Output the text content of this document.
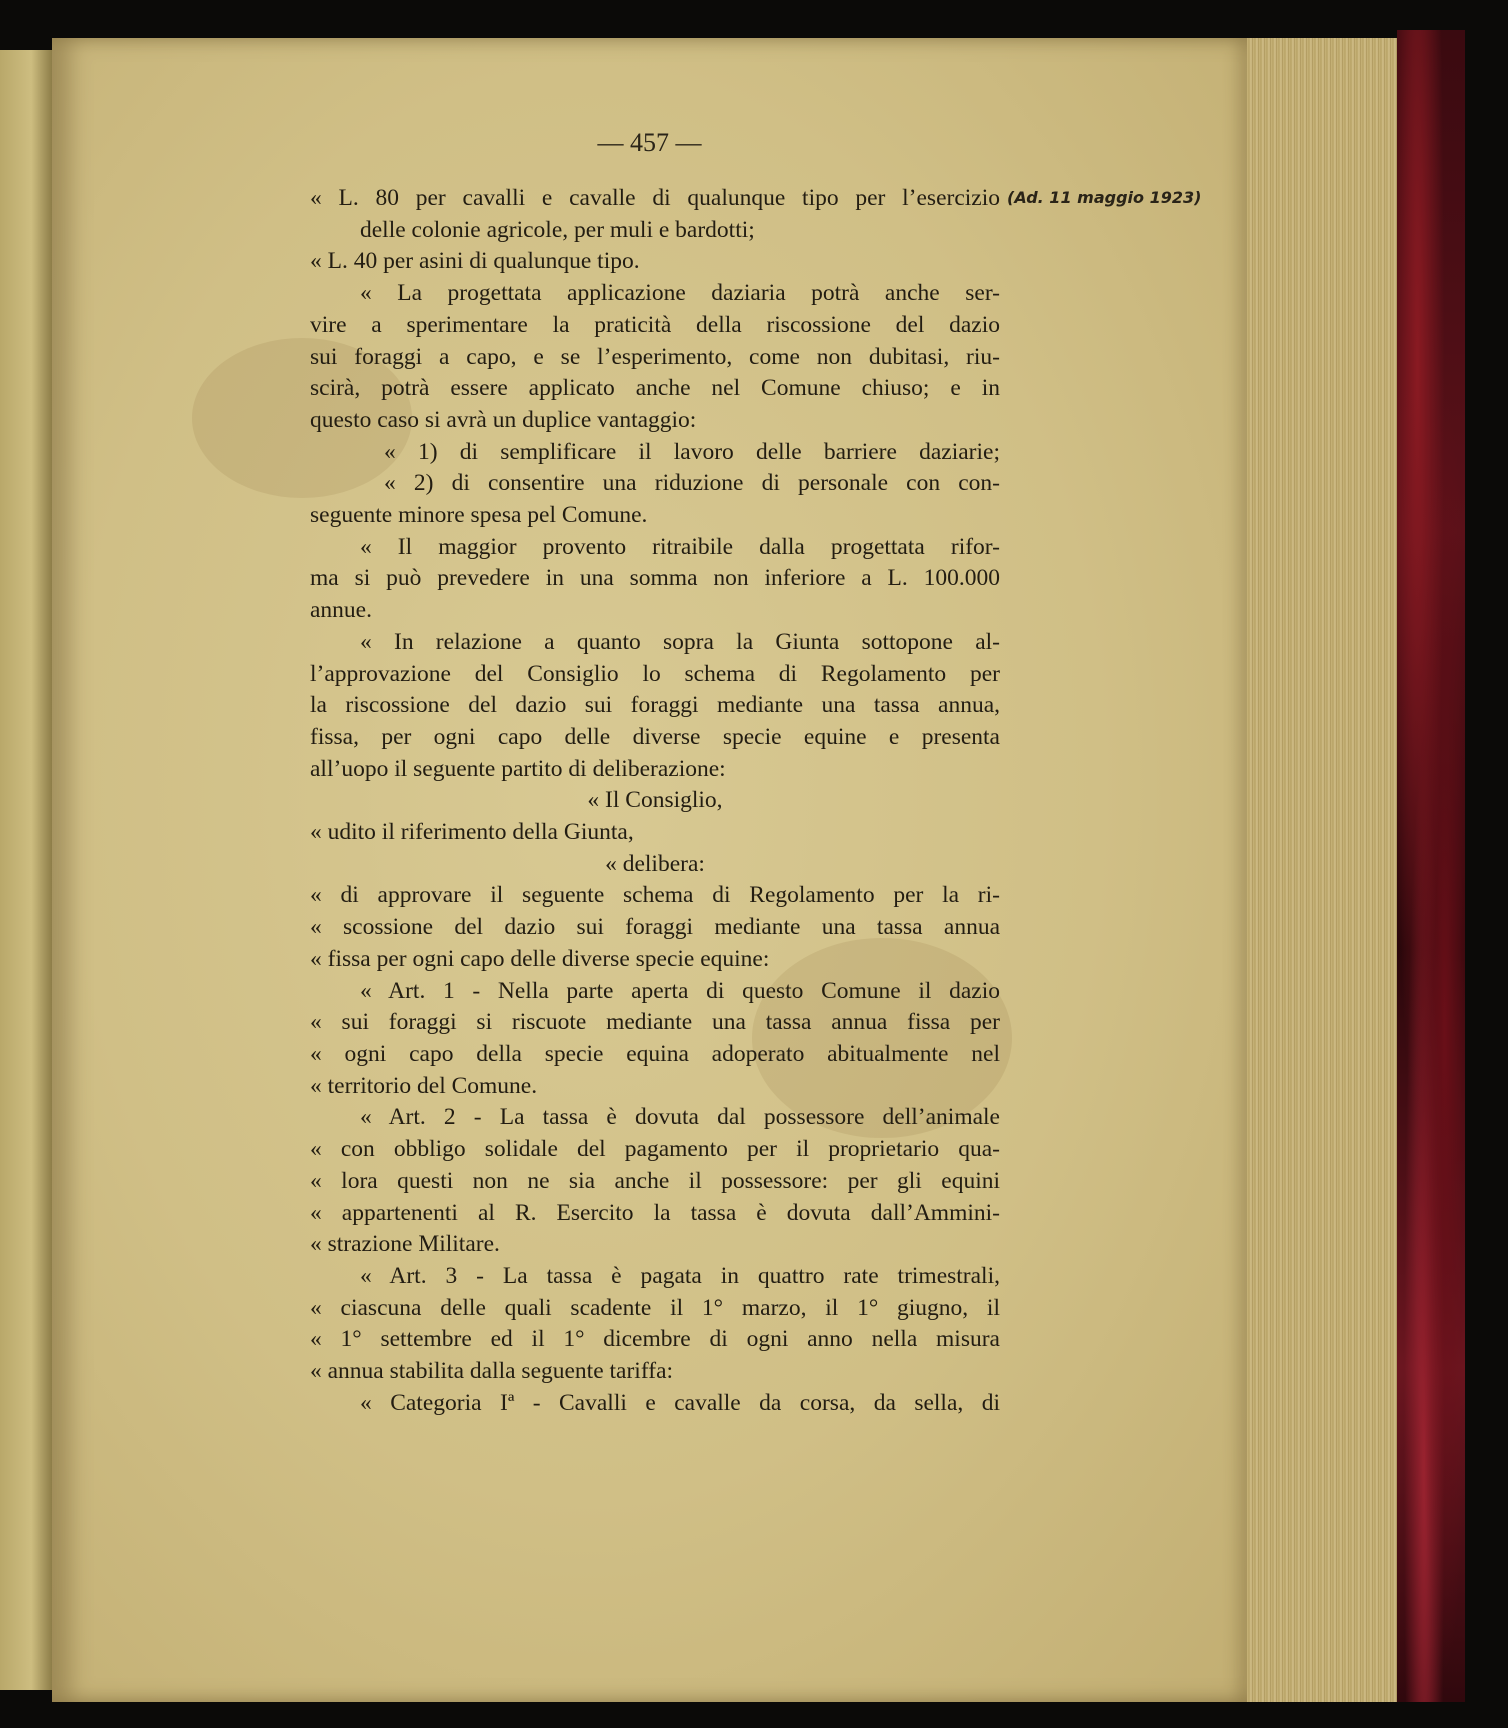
— 457 —
(Ad. 11 maggio 1923)
« L. 80 per cavalli e cavalle di qualunque tipo per l’esercizio
delle colonie agricole, per muli e bardotti;
« L. 40 per asini di qualunque tipo.
« La progettata applicazione daziaria potrà anche ser-
vire a sperimentare la praticità della riscossione del dazio
sui foraggi a capo, e se l’esperimento, come non dubitasi, riu-
scirà, potrà essere applicato anche nel Comune chiuso; e in
questo caso si avrà un duplice vantaggio:
« 1) di semplificare il lavoro delle barriere daziarie;
« 2) di consentire una riduzione di personale con con-
seguente minore spesa pel Comune.
« Il maggior provento ritraibile dalla progettata rifor-
ma si può prevedere in una somma non inferiore a L. 100.000
annue.
« In relazione a quanto sopra la Giunta sottopone al-
l’approvazione del Consiglio lo schema di Regolamento per
la riscossione del dazio sui foraggi mediante una tassa annua,
fissa, per ogni capo delle diverse specie equine e presenta
all’uopo il seguente partito di deliberazione:
« Il Consiglio,
« udito il riferimento della Giunta,
« delibera:
« di approvare il seguente schema di Regolamento per la ri-
« scossione del dazio sui foraggi mediante una tassa annua
« fissa per ogni capo delle diverse specie equine:
« Art. 1 - Nella parte aperta di questo Comune il dazio
« sui foraggi si riscuote mediante una tassa annua fissa per
« ogni capo della specie equina adoperato abitualmente nel
« territorio del Comune.
« Art. 2 - La tassa è dovuta dal possessore dell’animale
« con obbligo solidale del pagamento per il proprietario qua-
« lora questi non ne sia anche il possessore: per gli equini
« appartenenti al R. Esercito la tassa è dovuta dall’Ammini-
« strazione Militare.
« Art. 3 - La tassa è pagata in quattro rate trimestrali,
« ciascuna delle quali scadente il 1° marzo, il 1° giugno, il
« 1° settembre ed il 1° dicembre di ogni anno nella misura
« annua stabilita dalla seguente tariffa:
« Categoria Iª - Cavalli e cavalle da corsa, da sella, di
